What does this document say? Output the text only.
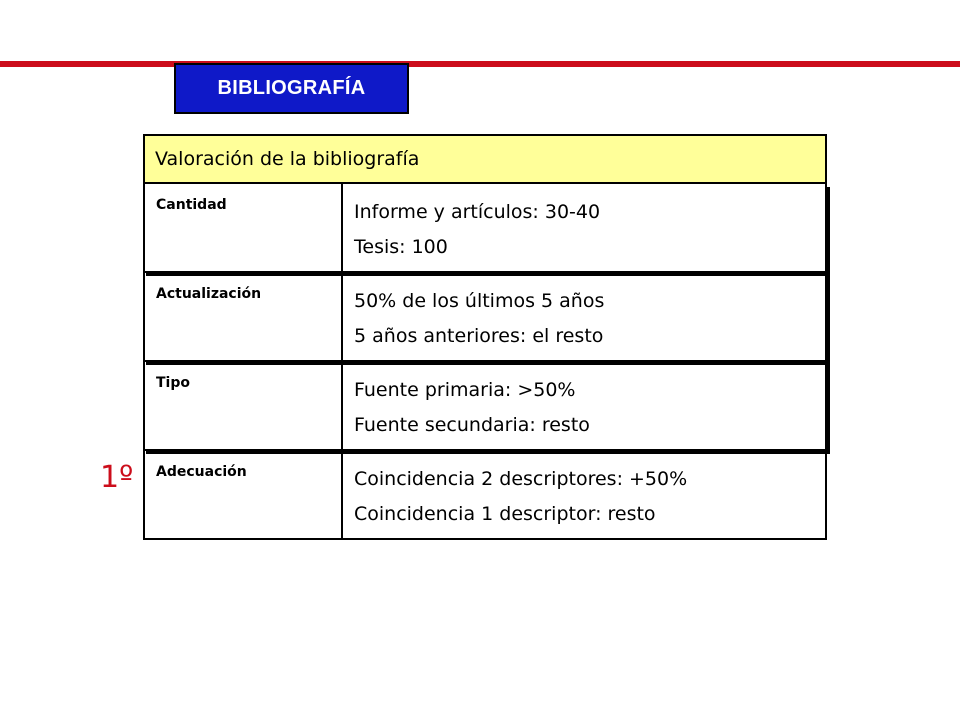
BIBLIOGRAFÍA
Valoración de la bibliografía
Cantidad	Informe y artículos: 30-40
Tesis: 100
Actualización	50% de los últimos 5 años
5 años anteriores: el resto
Tipo	Fuente primaria: >50%
Fuente secundaria: resto
Adecuación	Coincidencia 2 descriptores: +50%
Coincidencia 1 descriptor: resto
1º
